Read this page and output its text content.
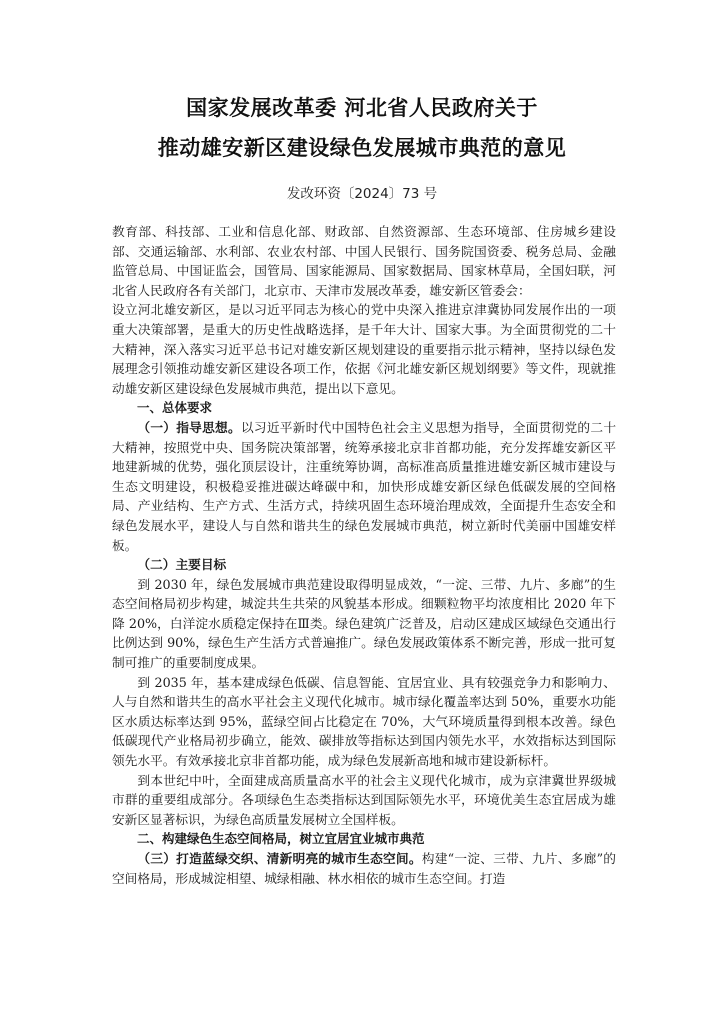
国家发展改革委 河北省人民政府关于
推动雄安新区建设绿色发展城市典范的意见
发改环资〔2024〕73 号

教育部、科技部、工业和信息化部、财政部、自然资源部、生态环境部、住房城乡建设部、交通运输部、水利部、农业农村部、中国人民银行、国务院国资委、税务总局、金融监管总局、中国证监会，国管局、国家能源局、国家数据局、国家林草局，全国妇联，河北省人民政府各有关部门，北京市、天津市发展改革委，雄安新区管委会：

设立河北雄安新区，是以习近平同志为核心的党中央深入推进京津冀协同发展作出的一项重大决策部署，是重大的历史性战略选择，是千年大计、国家大事。为全面贯彻党的二十大精神，深入落实习近平总书记对雄安新区规划建设的重要指示批示精神，坚持以绿色发展理念引领推动雄安新区建设各项工作，依据《河北雄安新区规划纲要》等文件，现就推动雄安新区建设绿色发展城市典范，提出以下意见。

一、总体要求

（一）指导思想。以习近平新时代中国特色社会主义思想为指导，全面贯彻党的二十大精神，按照党中央、国务院决策部署，统筹承接北京非首都功能，充分发挥雄安新区平地建新城的优势，强化顶层设计，注重统筹协调，高标准高质量推进雄安新区城市建设与生态文明建设，积极稳妥推进碳达峰碳中和，加快形成雄安新区绿色低碳发展的空间格局、产业结构、生产方式、生活方式，持续巩固生态环境治理成效，全面提升生态安全和绿色发展水平，建设人与自然和谐共生的绿色发展城市典范，树立新时代美丽中国雄安样板。

（二）主要目标

到 2030 年，绿色发展城市典范建设取得明显成效，“一淀、三带、九片、多廊”的生态空间格局初步构建，城淀共生共荣的风貌基本形成。细颗粒物平均浓度相比 2020 年下降 20%，白洋淀水质稳定保持在Ⅲ类。绿色建筑广泛普及，启动区建成区域绿色交通出行比例达到 90%，绿色生产生活方式普遍推广。绿色发展政策体系不断完善，形成一批可复制可推广的重要制度成果。

到 2035 年，基本建成绿色低碳、信息智能、宜居宜业、具有较强竞争力和影响力、人与自然和谐共生的高水平社会主义现代化城市。城市绿化覆盖率达到 50%，重要水功能区水质达标率达到 95%，蓝绿空间占比稳定在 70%，大气环境质量得到根本改善。绿色低碳现代产业格局初步确立，能效、碳排放等指标达到国内领先水平，水效指标达到国际领先水平。有效承接北京非首都功能，成为绿色发展新高地和城市建设新标杆。

到本世纪中叶，全面建成高质量高水平的社会主义现代化城市，成为京津冀世界级城市群的重要组成部分。各项绿色生态类指标达到国际领先水平，环境优美生态宜居成为雄安新区显著标识，为绿色高质量发展树立全国样板。

二、构建绿色生态空间格局，树立宜居宜业城市典范

（三）打造蓝绿交织、清新明亮的城市生态空间。构建“一淀、三带、九片、多廊”的空间格局，形成城淀相望、城绿相融、林水相依的城市生态空间。打造
